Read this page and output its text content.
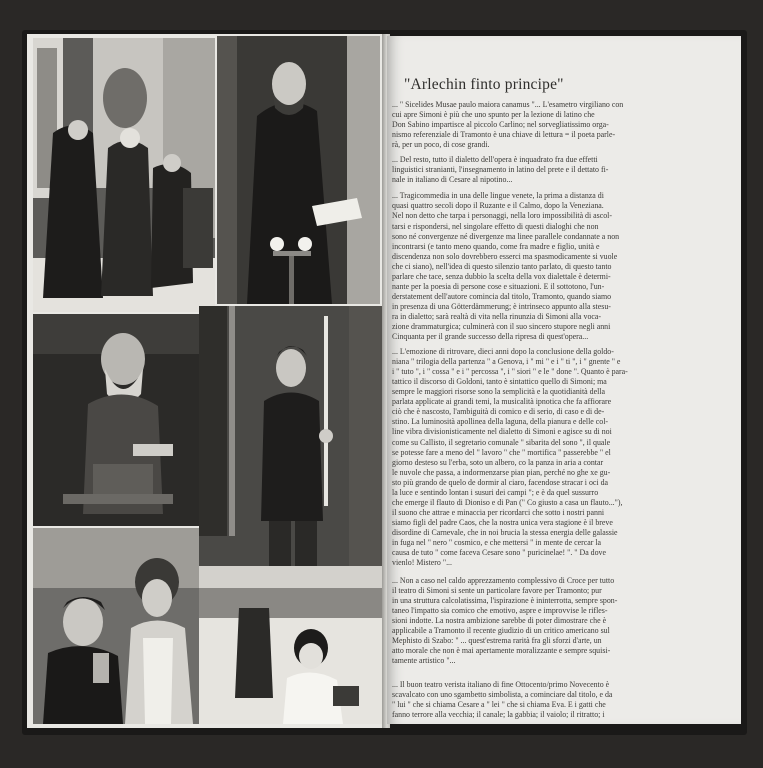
"Arlechin finto principe"

... " Sicelides Musae paulo maiora canamus "... L'esametro virgiliano con
cui apre Simoni è più che uno spunto per la lezione di latino che
Don Sabino impartisce al piccolo Carlino; nel sorvegliatissimo orga-
nismo referenziale di Tramonto è una chiave di lettura = il poeta parle-
rà, per un poco, di cose grandi.

... Del resto, tutto il dialetto dell'opera è inquadrato fra due effetti
linguistici stranianti, l'insegnamento in latino del prete e il dettato fi-
nale in italiano di Cesare al nipotino...

... Tragicommedia in una delle lingue venete, la prima a distanza di
quasi quattro secoli dopo il Ruzante e il Calmo, dopo la Veneziana.
Nel non detto che tarpa i personaggi, nella loro impossibilità di ascol-
tarsi e rispondersi, nel singolare effetto di questi dialoghi che non
sono né convergenze né divergenze ma linee parallele condannate a non
incontrarsi (e tanto meno quando, come fra madre e figlio, unità e
discendenza non solo dovrebbero esserci ma spasmodicamente si vuole
che ci siano), nell'idea di questo silenzio tanto parlato, di questo tanto
parlare che tace, senza dubbio la scelta della vox dialettale è determi-
nante per la poesia di persone cose e situazioni. E il sottotono, l'un-
derstatement dell'autore comincia dal titolo, Tramonto, quando siamo
in presenza di una Götterdämmerung; è intrinseco appunto alla stesu-
ra in dialetto; sarà realtà di vita nella rinunzia di Simoni alla voca-
zione drammaturgica; culminerà con il suo sincero stupore negli anni
Cinquanta per il grande successo della ripresa di quest'opera...

... L'emozione di ritrovare, dieci anni dopo la conclusione della goldo-
niana " trilogia della partenza " a Genova, i " mi " e i " ti ", i " gnente " e
i " tuto ", i " cossa " e i " percossa ", i " siori " e le " done ". Quanto è para-
tattico il discorso di Goldoni, tanto è sintattico quello di Simoni; ma
sempre le maggiori risorse sono la semplicità e la quotidianità della
parlata applicate ai grandi temi, la musicalità ipnotica che fa affiorare
ciò che è nascosto, l'ambiguità di comico e di serio, di caso e di de-
stino. La luminosità apollinea della laguna, della pianura e delle col-
line vibra divisionisticamente nel dialetto di Simoni e agisce su di noi
come su Callisto, il segretario comunale " sibarita del sono ", il quale
se potesse fare a meno del " lavoro " che " mortifica " passerebbe " el
giorno desteso su l'erba, soto un albero, co la panza in aria a contar
le nuvole che passa, a indormenzarse pian pian, perché no ghe xe gu-
sto più grando de quelo de dormir al ciaro, facendose stracar i oci da
la luce e sentindo lontan i susuri dei campi "; e è da quel sussurro
che emerge il flauto di Dioniso e di Pan (" Co giusto a casa un flauto..."),
il suono che attrae e minaccia per ricordarci che sotto i nostri panni
siamo figli del padre Caos, che la nostra unica vera stagione è il breve
disordine di Carnevale, che in noi brucia la stessa energia delle galassie
in fuga nel " nero " cosmico, e che mettersi " in mente de cercar la
causa de tuto " come faceva Cesare sono " puricinelae! ". " Da dove
vienlo! Mistero "...

... Non a caso nel caldo apprezzamento complessivo di Croce per tutto
il teatro di Simoni si sente un particolare favore per Tramonto; pur
in una struttura calcolatissima, l'ispirazione è ininterrotta, sempre spon-
taneo l'impatto sia comico che emotivo, aspre e improvvise le rifles-
sioni indotte. La nostra ambizione sarebbe di poter dimostrare che è
applicabile a Tramonto il recente giudizio di un critico americano sul
Mephisto di Szabo: " ... quest'estrema rarità fra gli sforzi d'arte, un
atto morale che non è mai apertamente moralizzante e sempre squisi-
tamente artistico "...

... Il buon teatro verista italiano di fine Ottocento/primo Novecento è
scavalcato con uno sgambetto simbolista, a cominciare dal titolo, e da
" lui " che si chiama Cesare a " lei " che si chiama Eva. E i gatti che
fanno terrore alla vecchia; il canale; la gabbia; il vaiolo; il ritratto; i
